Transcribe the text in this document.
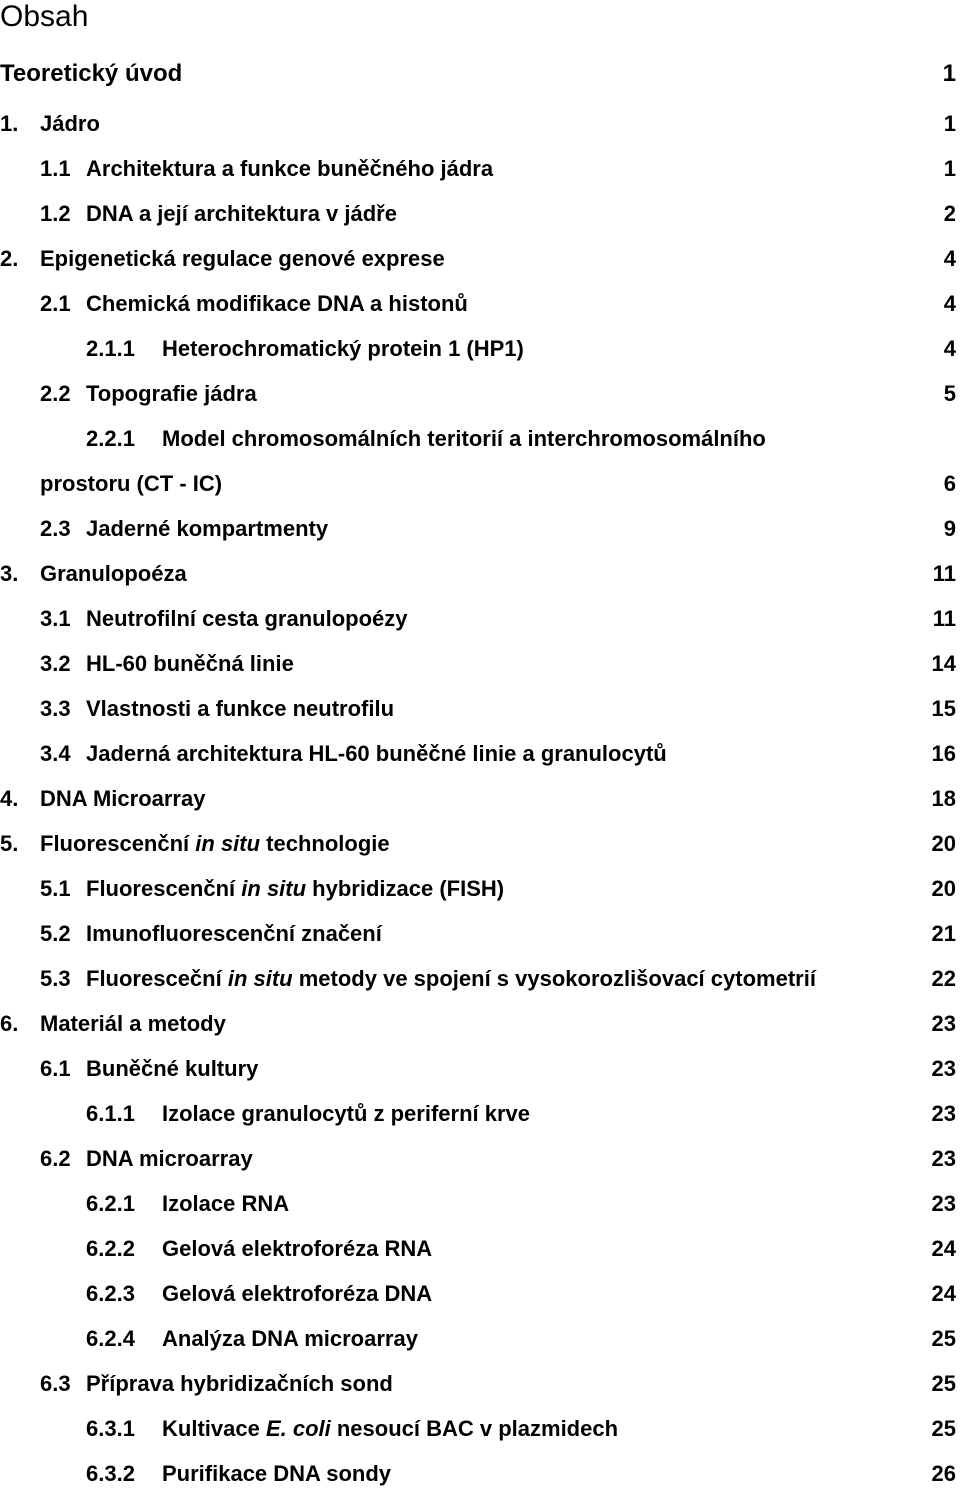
Obsah
Teoretický úvod	1
1. Jádro	1
1.1 Architektura a funkce buněčného jádra	1
1.2 DNA a její architektura v jádře	2
2. Epigenetická regulace genové exprese	4
2.1 Chemická modifikace DNA a histonů	4
2.1.1 Heterochromatický protein 1 (HP1)	4
2.2 Topografie jádra	5
2.2.1 Model chromosomálních teritorií a interchromosomálního
prostoru (CT - IC)	6
2.3 Jaderné kompartmenty	9
3. Granulopoéza	11
3.1 Neutrofilní cesta granulopoézy	11
3.2 HL-60 buněčná linie	14
3.3 Vlastnosti a funkce neutrofilu	15
3.4 Jaderná architektura HL-60 buněčné linie a granulocytů	16
4. DNA Microarray	18
5. Fluorescenční in situ technologie	20
5.1 Fluorescenční in situ hybridizace (FISH)	20
5.2 Imunofluorescenční značení	21
5.3 Fluoresceční in situ metody ve spojení s vysokorozlišovací cytometrií	22
6. Materiál a metody	23
6.1 Buněčné kultury	23
6.1.1 Izolace granulocytů z periferní krve	23
6.2 DNA microarray	23
6.2.1 Izolace RNA	23
6.2.2 Gelová elektroforéza RNA	24
6.2.3 Gelová elektroforéza DNA	24
6.2.4 Analýza DNA microarray	25
6.3 Příprava hybridizačních sond	25
6.3.1 Kultivace E. coli nesoucí BAC v plazmidech	25
6.3.2 Purifikace DNA sondy	26
